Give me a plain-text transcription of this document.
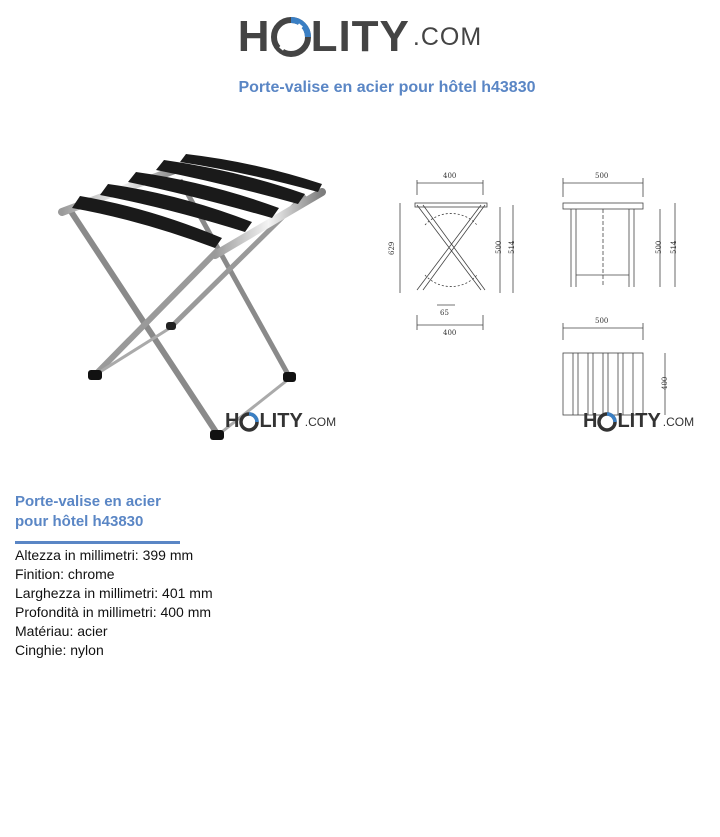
H LITY .COM
Porte-valise en acier pour hôtel h43830
H LITY .COM
400
629	500 514
65
400
500
500 514
500
400
H LITY .COM
Porte-valise en acier
pour hôtel h43830
Altezza in millimetri: 399 mm
Finition: chrome
Larghezza in millimetri: 401 mm
Profondità in millimetri: 400 mm
Matériau: acier
Cinghie: nylon
